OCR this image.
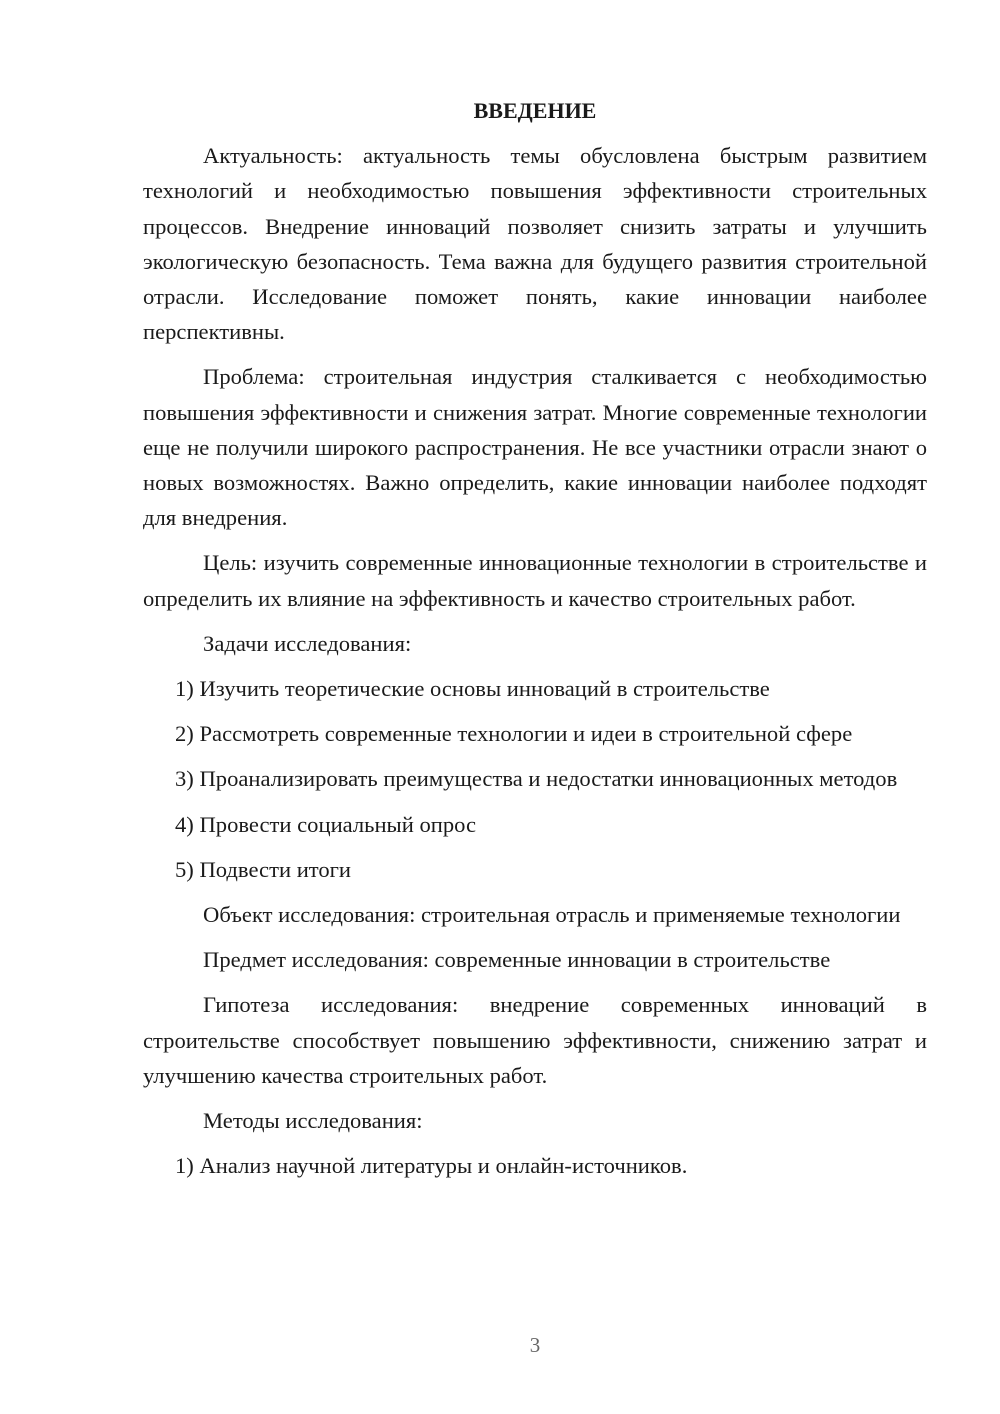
ВВЕДЕНИЕ

Актуальность: актуальность темы обусловлена быстрым развитием технологий и необходимостью повышения эффективности строительных процессов. Внедрение инноваций позволяет снизить затраты и улучшить экологическую безопасность. Тема важна для будущего развития строительной отрасли. Исследование поможет понять, какие инновации наиболее перспективны.

Проблема: строительная индустрия сталкивается с необходимостью повышения эффективности и снижения затрат. Многие современные технологии еще не получили широкого распространения. Не все участники отрасли знают о новых возможностях. Важно определить, какие инновации наиболее подходят для внедрения.

Цель: изучить современные инновационные технологии в строительстве и определить их влияние на эффективность и качество строительных работ.

Задачи исследования:

1) Изучить теоретические основы инноваций в строительстве

2) Рассмотреть современные технологии и идеи в строительной сфере

3) Проанализировать преимущества и недостатки инновационных методов

4) Провести социальный опрос

5) Подвести итоги

Объект исследования: строительная отрасль и применяемые технологии

Предмет исследования: современные инновации в строительстве

Гипотеза исследования: внедрение современных инноваций в строительстве способствует повышению эффективности, снижению затрат и улучшению качества строительных работ.

Методы исследования:

1) Анализ научной литературы и онлайн-источников.

3
